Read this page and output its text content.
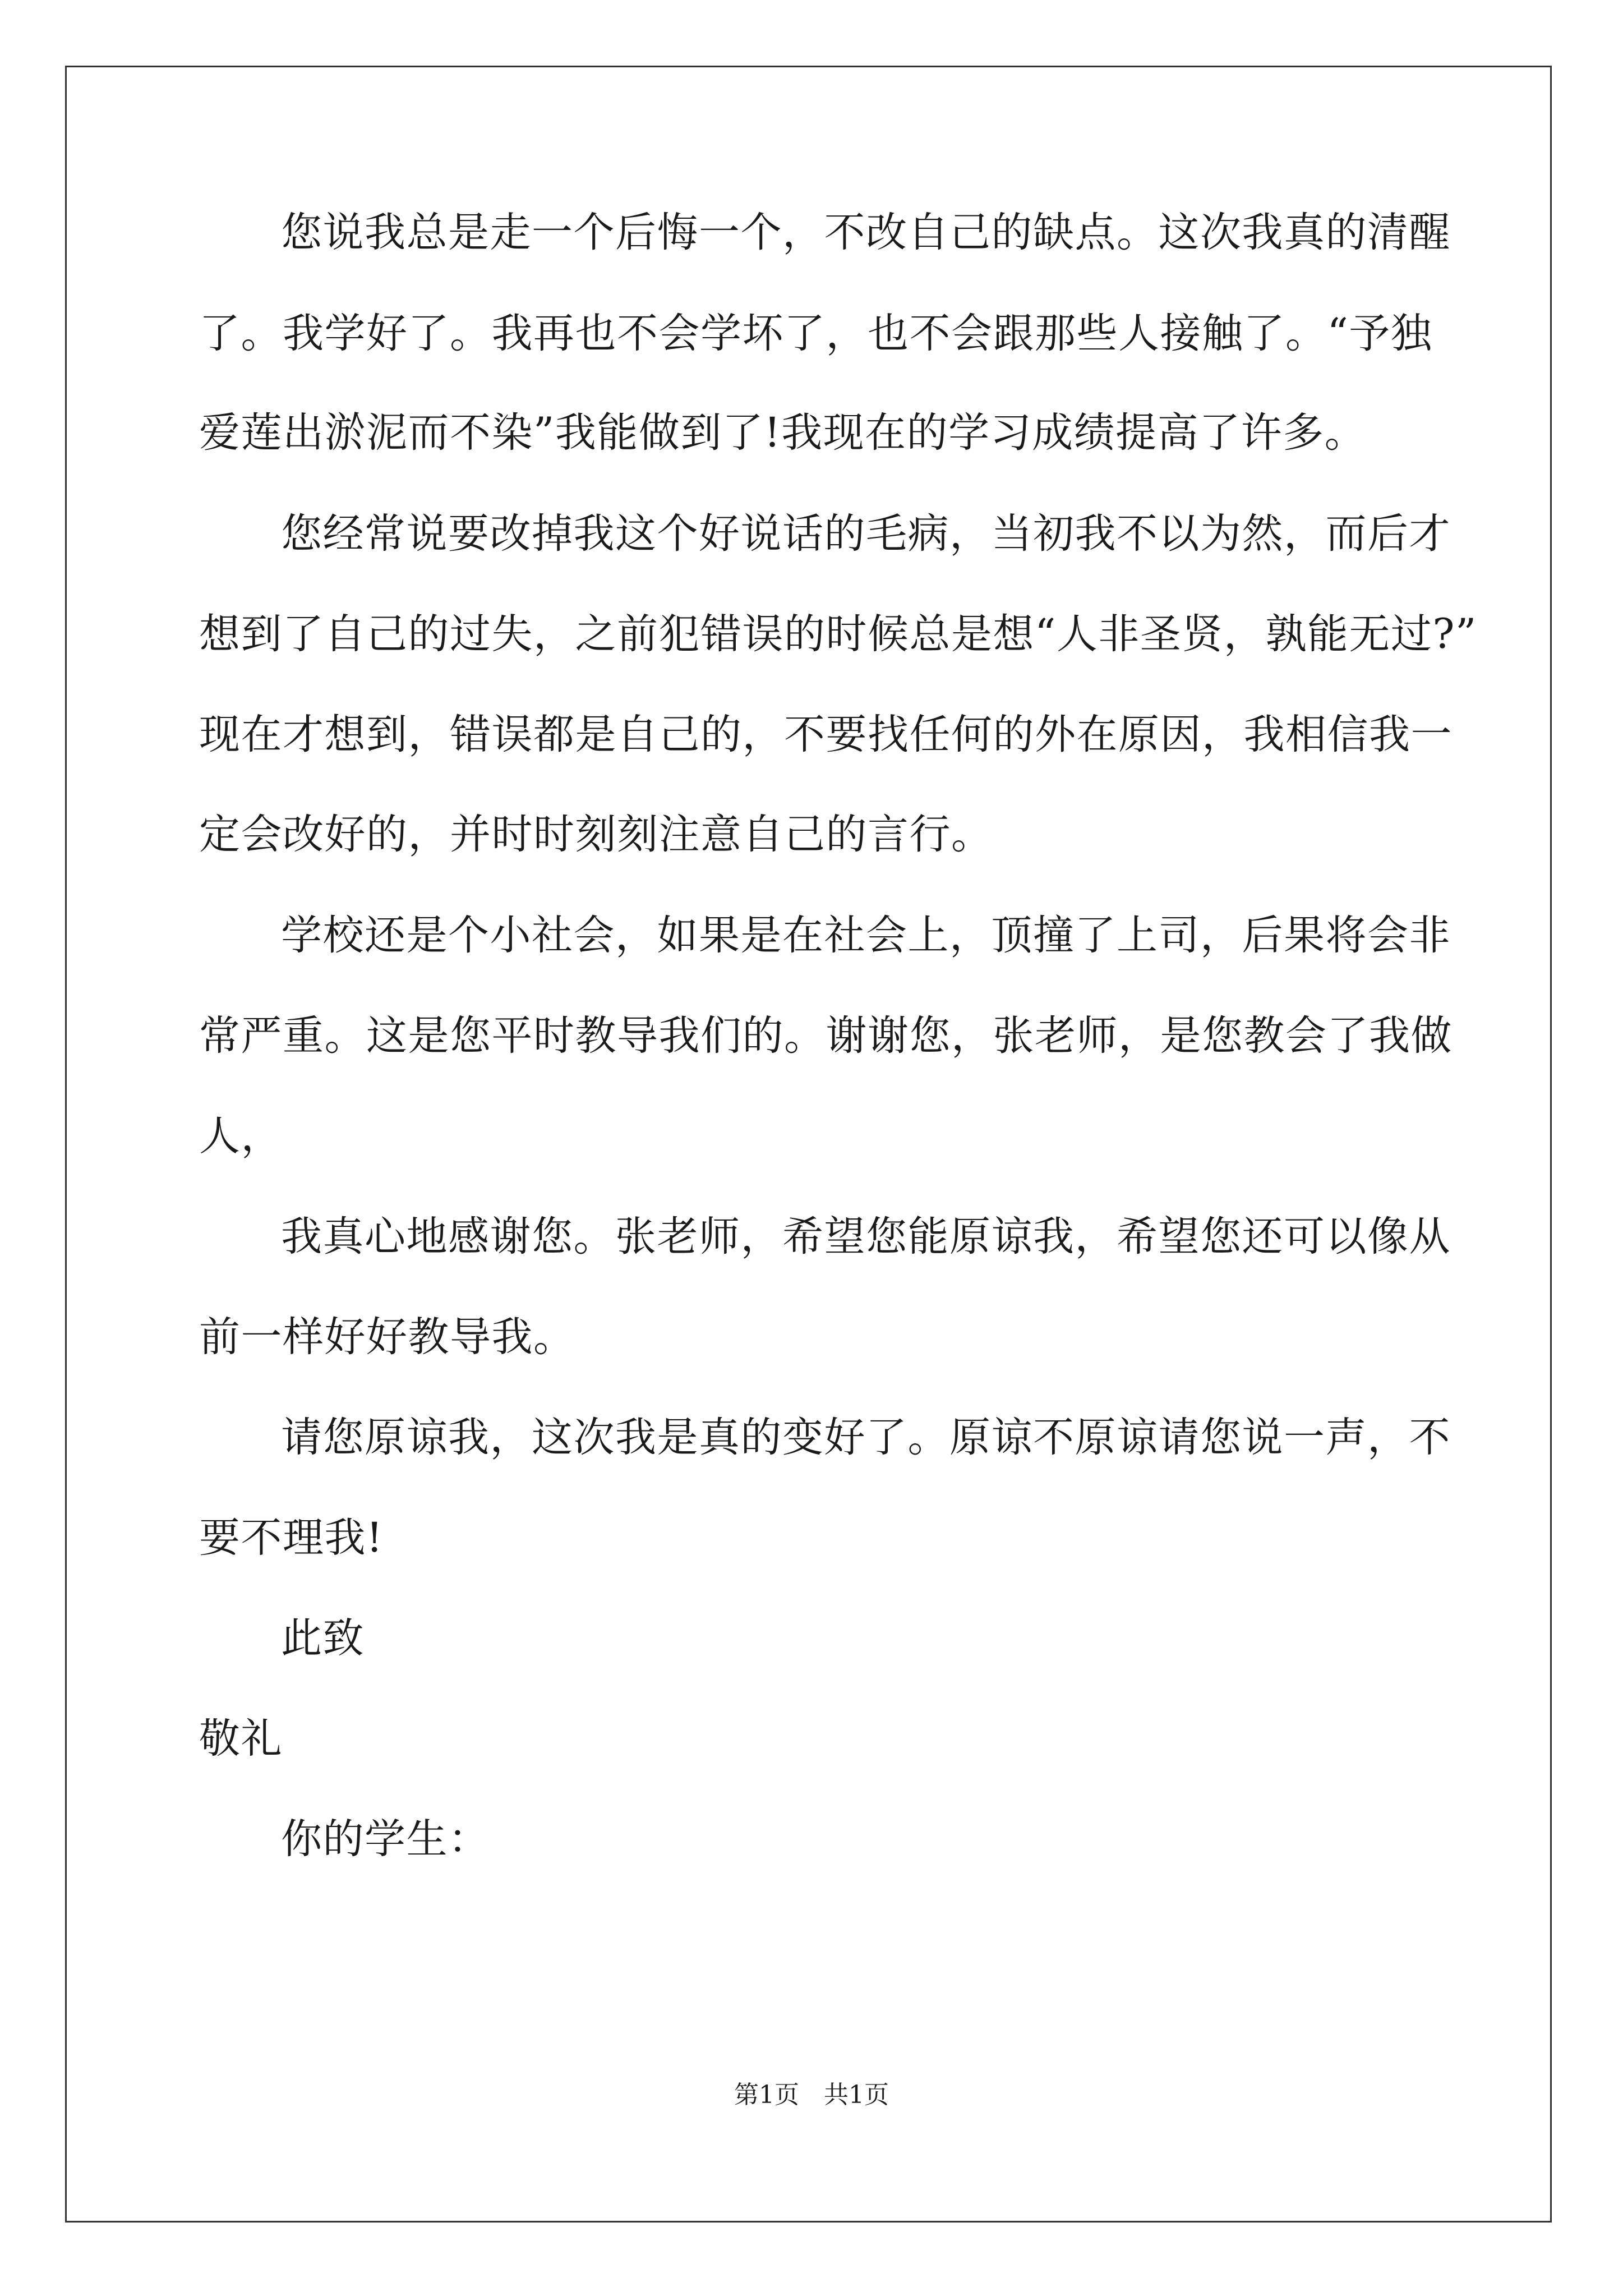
您说我总是走一个后悔一个，不改自己的缺点。这次我真的清醒
了。我学好了。我再也不会学坏了，也不会跟那些人接触了。“予独
爱莲出淤泥而不染”我能做到了!我现在的学习成绩提高了许多。
您经常说要改掉我这个好说话的毛病，当初我不以为然，而后才
想到了自己的过失，之前犯错误的时候总是想“人非圣贤，孰能无过?”
现在才想到，错误都是自己的，不要找任何的外在原因，我相信我一
定会改好的，并时时刻刻注意自己的言行。
学校还是个小社会，如果是在社会上，顶撞了上司，后果将会非
常严重。这是您平时教导我们的。谢谢您，张老师，是您教会了我做
人，
我真心地感谢您。张老师，希望您能原谅我，希望您还可以像从
前一样好好教导我。
请您原谅我，这次我是真的变好了。原谅不原谅请您说一声，不
要不理我!
此致
敬礼
你的学生：
第1页　共1页
